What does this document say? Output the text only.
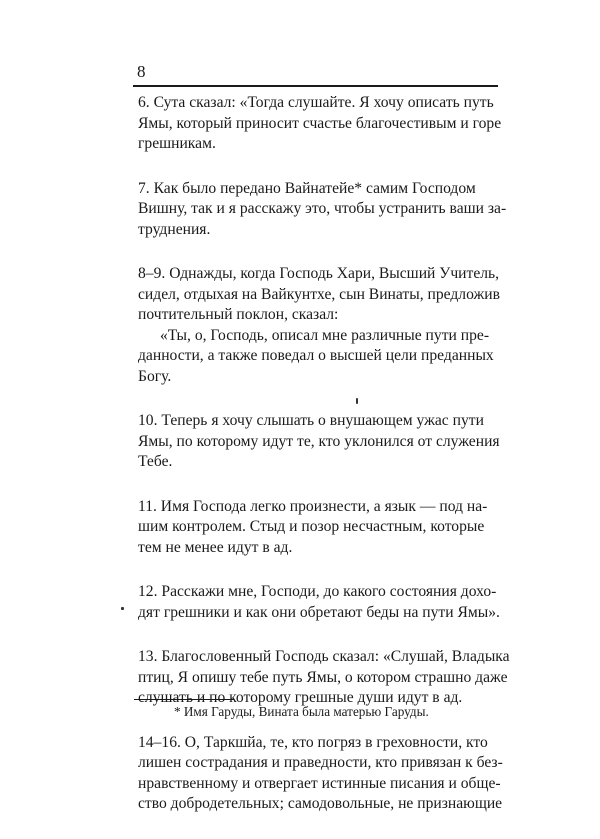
8

6. Сута сказал: «Тогда слушайте. Я хочу описать путь
Ямы, который приносит счастье благочестивым и горе
грешникам.

7. Как было передано Вайнатейе* самим Господом
Вишну, так и я расскажу это, чтобы устранить ваши за-
труднения.

8–9. Однажды, когда Господь Хари, Высший Учитель,
сидел, отдыхая на Вайкунтхе, сын Винаты, предложив
почтительный поклон, сказал:
«Ты, о, Господь, описал мне различные пути пре-
данности, а также поведал о высшей цели преданных
Богу.

10. Теперь я хочу слышать о внушающем ужас пути
Ямы, по которому идут те, кто уклонился от служения
Тебе.

11. Имя Господа легко произнести, а язык — под на-
шим контролем. Стыд и позор несчастным, которые
тем не менее идут в ад.

12. Расскажи мне, Господи, до какого состояния дохо-
дят грешники и как они обретают беды на пути Ямы».

13. Благословенный Господь сказал: «Слушай, Владыка
птиц, Я опишу тебе путь Ямы, о котором страшно даже
слушать и по которому грешные души идут в ад.

14–16. О, Таркшйа, те, кто погряз в греховности, кто
лишен сострадания и праведности, кто привязан к без-
нравственному и отвергает истинные писания и обще-
ство добродетельных; самодовольные, не признающие

* Имя Гаруды, Вината была матерью Гаруды.
